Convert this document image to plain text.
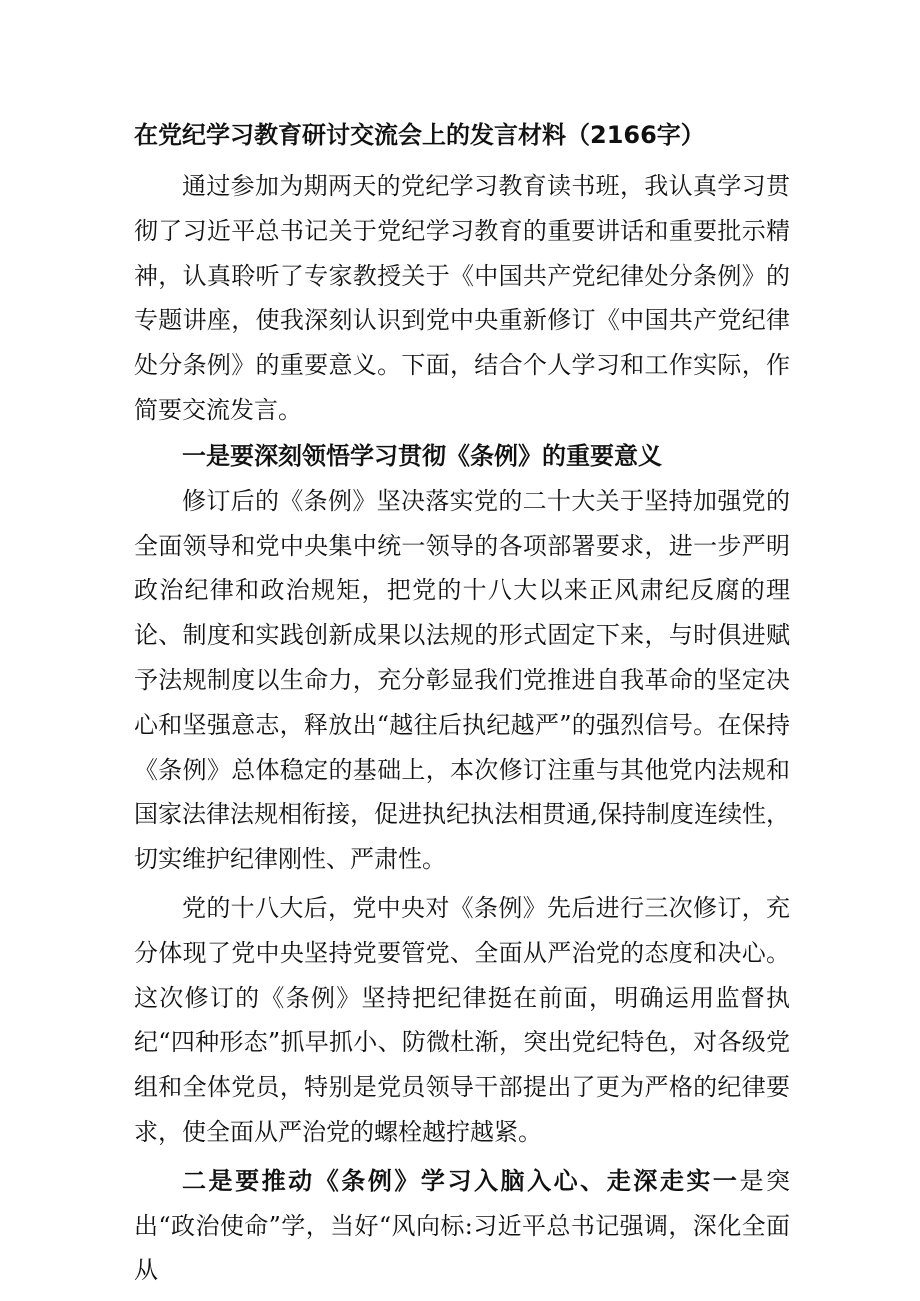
在党纪学习教育研讨交流会上的发言材料（2166字）

通过参加为期两天的党纪学习教育读书班，我认真学习贯彻了习近平总书记关于党纪学习教育的重要讲话和重要批示精神，认真聆听了专家教授关于《中国共产党纪律处分条例》的专题讲座，使我深刻认识到党中央重新修订《中国共产党纪律处分条例》的重要意义。下面，结合个人学习和工作实际，作简要交流发言。

一是要深刻领悟学习贯彻《条例》的重要意义

修订后的《条例》坚决落实党的二十大关于坚持加强党的全面领导和党中央集中统一领导的各项部署要求，进一步严明政治纪律和政治规矩，把党的十八大以来正风肃纪反腐的理论、制度和实践创新成果以法规的形式固定下来，与时俱进赋予法规制度以生命力，充分彰显我们党推进自我革命的坚定决心和坚强意志，释放出“越往后执纪越严”的强烈信号。在保持《条例》总体稳定的基础上，本次修订注重与其他党内法规和国家法律法规相衔接，促进执纪执法相贯通,保持制度连续性，切实维护纪律刚性、严肃性。

党的十八大后，党中央对《条例》先后进行三次修订，充分体现了党中央坚持党要管党、全面从严治党的态度和决心。这次修订的《条例》坚持把纪律挺在前面，明确运用监督执纪“四种形态”抓早抓小、防微杜渐，突出党纪特色，对各级党组和全体党员，特别是党员领导干部提出了更为严格的纪律要求，使全面从严治党的螺栓越拧越紧。

二是要推动《条例》学习入脑入心、走深走实一是突出“政治使命”学，当好“风向标:习近平总书记强调，深化全面从
